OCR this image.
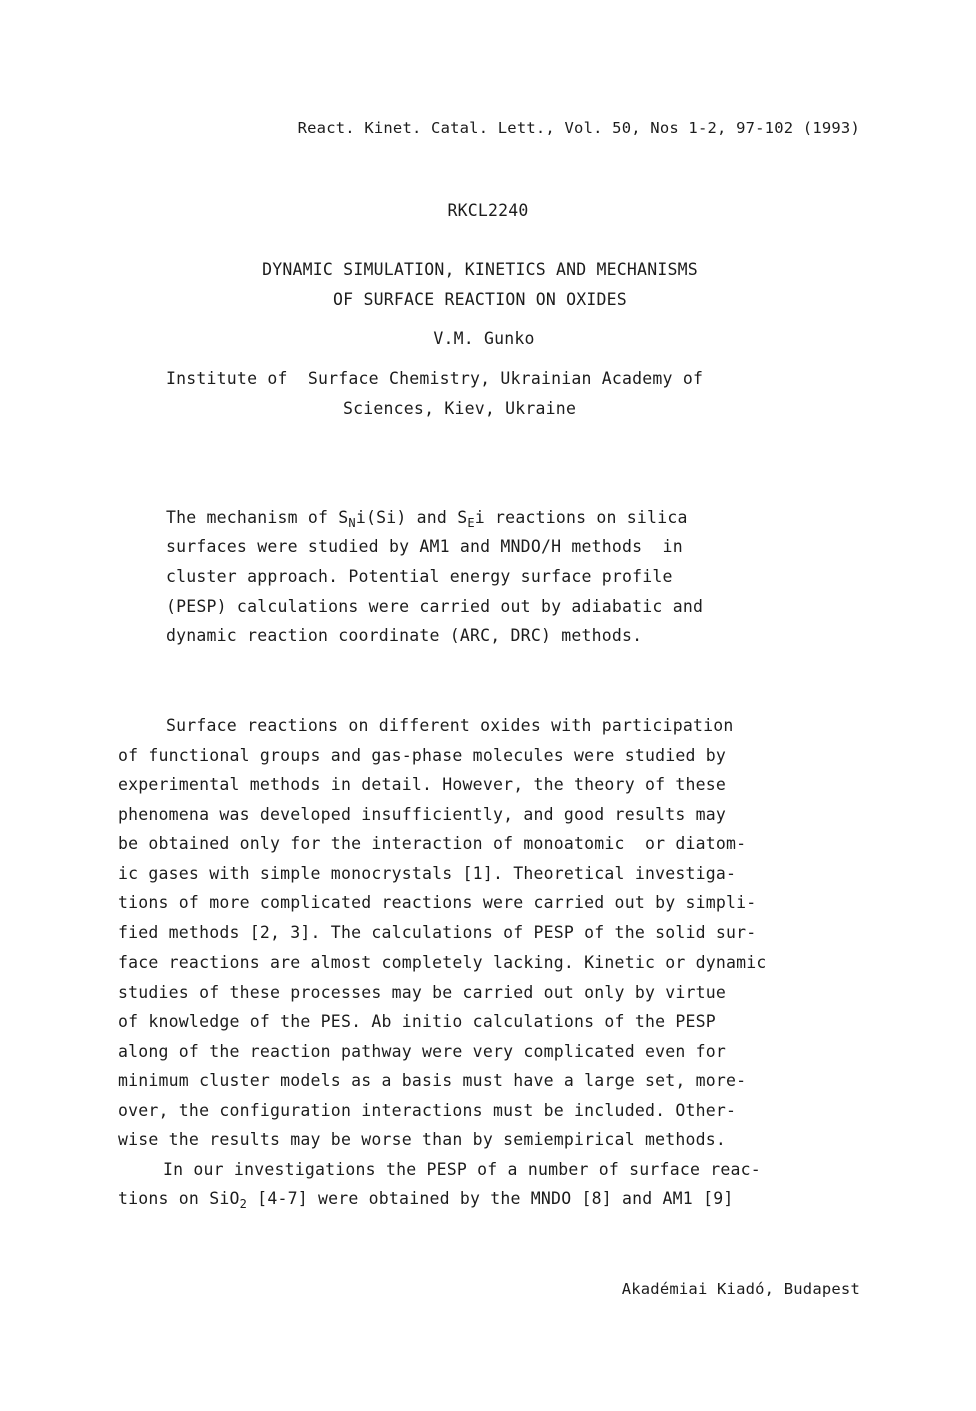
React. Kinet. Catal. Lett., Vol. 50, Nos 1-2, 97-102 (1993)
RKCL2240
DYNAMIC SIMULATION, KINETICS AND MECHANISMS
OF SURFACE REACTION ON OXIDES
V.M. Gunko
Institute of  Surface Chemistry, Ukrainian Academy of
Sciences, Kiev, Ukraine
The mechanism of $S_Ni(Si)$ and $S_Ei$ reactions on silica
surfaces were studied by AM1 and MNDO/H methods  in
cluster approach. Potential energy surface profile
(PESP) calculations were carried out by adiabatic and
dynamic reaction coordinate (ARC, DRC) methods.
Surface reactions on different oxides with participation
of functional groups and gas-phase molecules were studied by
experimental methods in detail. However, the theory of these
phenomena was developed insufficiently, and good results may
be obtained only for the interaction of monoatomic  or diatom-
ic gases with simple monocrystals [1]. Theoretical investiga-
tions of more complicated reactions were carried out by simpli-
fied methods [2, 3]. The calculations of PESP of the solid sur-
face reactions are almost completely lacking. Kinetic or dynamic
studies of these processes may be carried out only by virtue
of knowledge of the PES. Ab initio calculations of the PESP
along of the reaction pathway were very complicated even for
minimum cluster models as a basis must have a large set, more-
over, the configuration interactions must be included. Other-
wise the results may be worse than by semiempirical methods.
In our investigations the PESP of a number of surface reac-
tions on SiO$_2$ [4-7] were obtained by the MNDO [8] and AM1 [9]
Akadémiai Kiadó, Budapest
